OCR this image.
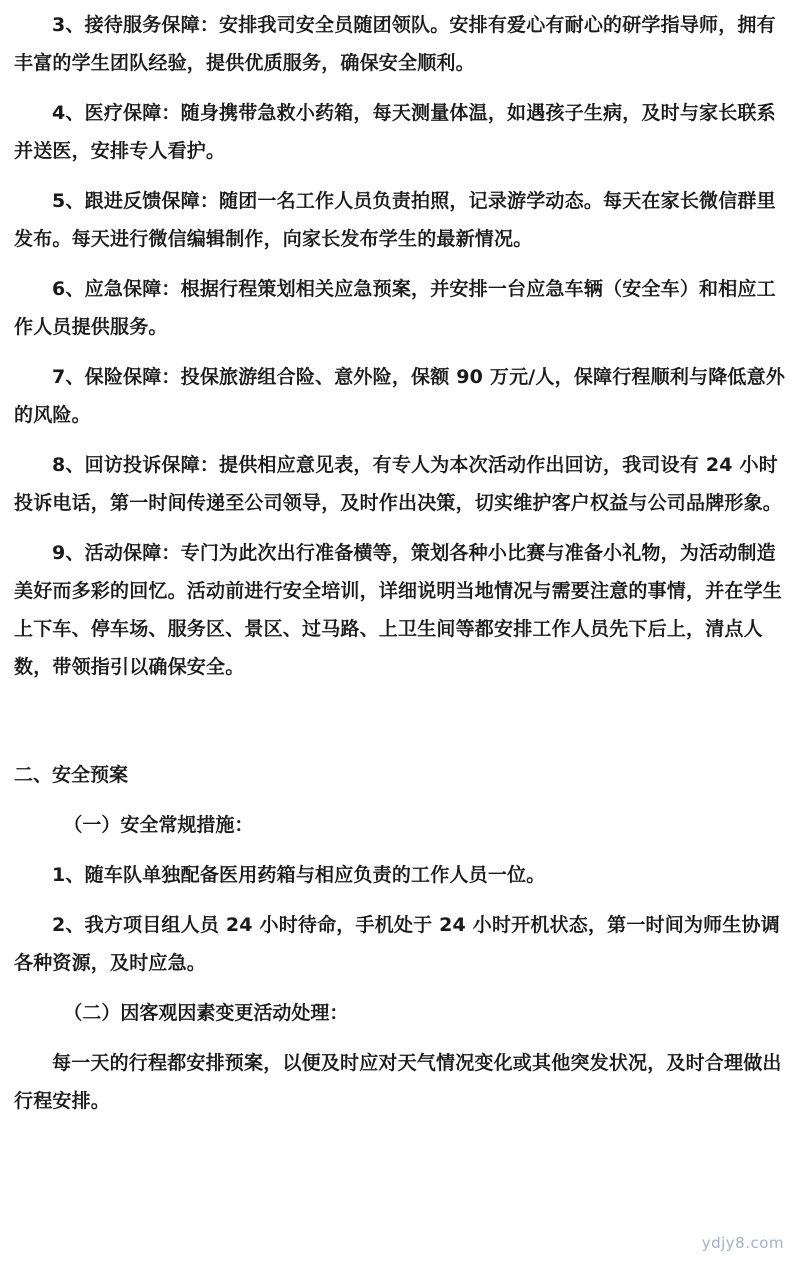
3、接待服务保障：安排我司安全员随团领队。安排有爱心有耐心的研学指导师，拥有丰富的学生团队经验，提供优质服务，确保安全顺利。

4、医疗保障：随身携带急救小药箱，每天测量体温，如遇孩子生病，及时与家长联系并送医，安排专人看护。

5、跟进反馈保障：随团一名工作人员负责拍照，记录游学动态。每天在家长微信群里发布。每天进行微信编辑制作，向家长发布学生的最新情况。

6、应急保障：根据行程策划相关应急预案，并安排一台应急车辆（安全车）和相应工作人员提供服务。

7、保险保障：投保旅游组合险、意外险，保额 90 万元/人，保障行程顺利与降低意外的风险。

8、回访投诉保障：提供相应意见表，有专人为本次活动作出回访，我司设有 24 小时投诉电话，第一时间传递至公司领导，及时作出决策，切实维护客户权益与公司品牌形象。

9、活动保障：专门为此次出行准备横等，策划各种小比赛与准备小礼物，为活动制造美好而多彩的回忆。活动前进行安全培训，详细说明当地情况与需要注意的事情，并在学生上下车、停车场、服务区、景区、过马路、上卫生间等都安排工作人员先下后上，清点人数，带领指引以确保安全。

二、安全预案

（一）安全常规措施：

1、随车队单独配备医用药箱与相应负责的工作人员一位。

2、我方项目组人员 24 小时待命，手机处于 24 小时开机状态，第一时间为师生协调各种资源，及时应急。

（二）因客观因素变更活动处理：

每一天的行程都安排预案，以便及时应对天气情况变化或其他突发状况，及时合理做出行程安排。

ydjy8.com
